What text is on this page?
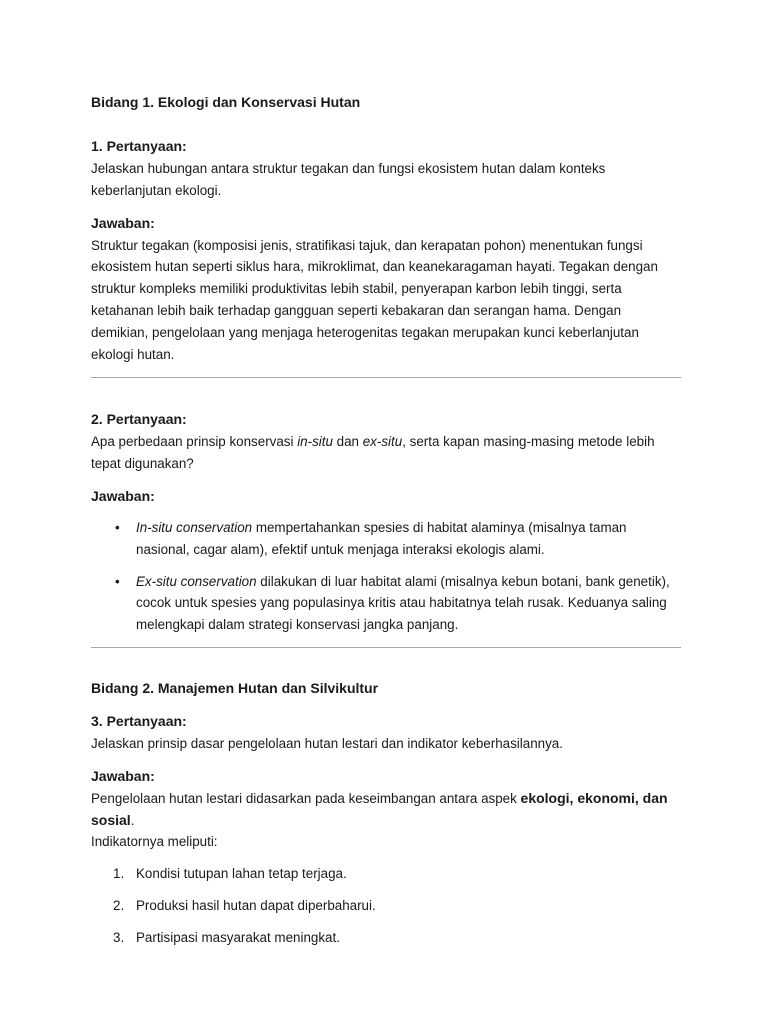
Bidang 1. Ekologi dan Konservasi Hutan

1. Pertanyaan:

Jelaskan hubungan antara struktur tegakan dan fungsi ekosistem hutan dalam konteks keberlanjutan ekologi.

Jawaban:

Struktur tegakan (komposisi jenis, stratifikasi tajuk, dan kerapatan pohon) menentukan fungsi ekosistem hutan seperti siklus hara, mikroklimat, dan keanekaragaman hayati. Tegakan dengan struktur kompleks memiliki produktivitas lebih stabil, penyerapan karbon lebih tinggi, serta ketahanan lebih baik terhadap gangguan seperti kebakaran dan serangan hama. Dengan demikian, pengelolaan yang menjaga heterogenitas tegakan merupakan kunci keberlanjutan ekologi hutan.

2. Pertanyaan:

Apa perbedaan prinsip konservasi in-situ dan ex-situ, serta kapan masing-masing metode lebih tepat digunakan?

Jawaban:

• In-situ conservation mempertahankan spesies di habitat alaminya (misalnya taman nasional, cagar alam), efektif untuk menjaga interaksi ekologis alami.
• Ex-situ conservation dilakukan di luar habitat alami (misalnya kebun botani, bank genetik), cocok untuk spesies yang populasinya kritis atau habitatnya telah rusak. Keduanya saling melengkapi dalam strategi konservasi jangka panjang.

Bidang 2. Manajemen Hutan dan Silvikultur

3. Pertanyaan:

Jelaskan prinsip dasar pengelolaan hutan lestari dan indikator keberhasilannya.

Jawaban:

Pengelolaan hutan lestari didasarkan pada keseimbangan antara aspek ekologi, ekonomi, dan sosial.

Indikatornya meliputi:

1. Kondisi tutupan lahan tetap terjaga.
2. Produksi hasil hutan dapat diperbaharui.
3. Partisipasi masyarakat meningkat.
